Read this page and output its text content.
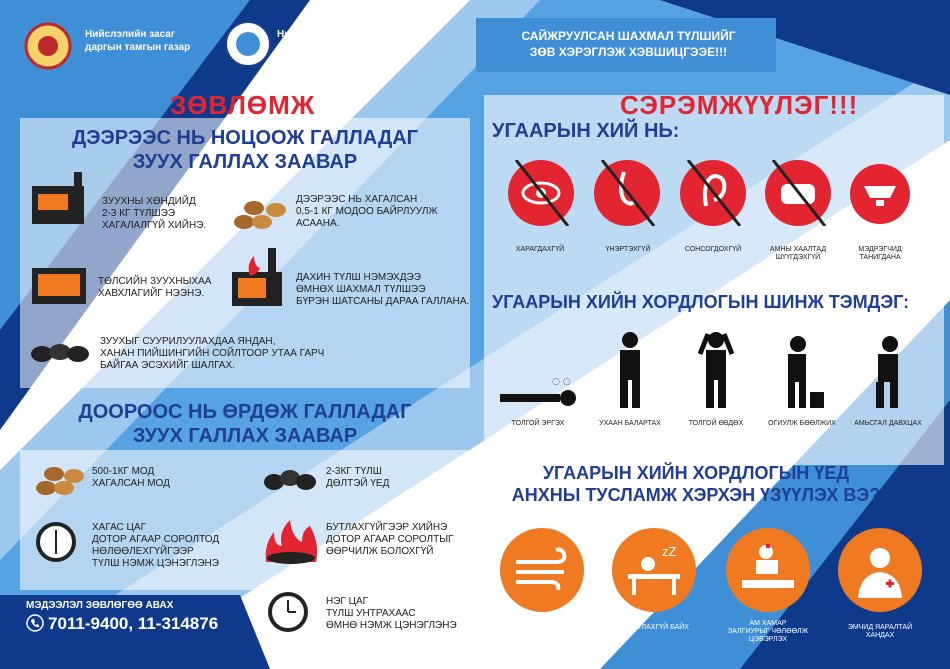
Нийслэлийн засаг
даргын тамгын газар
Нийслэлийн Агаарын
бохирдолтой тэмцэх газар
САЙЖРУУЛСАН ШАХМАЛ ТҮЛШИЙГ
ЗӨВ ХЭРЭГЛЭЖ ХЭВШИЦГЭЭЕ!!!
ЗӨВЛӨМЖ
ДЭЭРЭЭС НЬ НОЦООЖ ГАЛЛАДАГ
ЗУУХ ГАЛЛАХ ЗААВАР
ЗУУХНЫ ХӨНДИЙД
2-3 КГ ТҮЛШЭЭ
ХАГАЛАЛГҮЙ ХИЙНЭ.
ДЭЭРЭЭС НЬ ХАГАЛСАН
0,5-1 КГ МОДОО БАЙРЛУУЛЖ
АСААНА.
ТӨЛСИЙН ЗУУХНЫХАА
ХАВХЛАГИЙГ НЭЭНЭ.
ДАХИН ТҮЛШ НЭМЭХДЭЭ
ӨМНӨХ ШАХМАЛ ТҮЛШЭЭ
БҮРЭН ШАТСАНЫ ДАРАА ГАЛЛАНА.
ЗУУХЫГ СУУРИЛУУЛАХДАА ЯНДАН,
ХАНАН ПИЙШИНГИЙН СОЙЛТООР УТАА ГАРЧ
БАЙГАА ЭСЭХИЙГ ШАЛГАХ.
ДООРООС НЬ ӨРДӨЖ ГАЛЛАДАГ
ЗУУХ ГАЛЛАХ ЗААВАР
500-1КГ МОД
ХАГАЛСАН МОД
2-3КГ ТҮЛШ
ДӨЛТЭЙ ҮЕД
ХАГАС ЦАГ
ДОТОР АГААР СОРОЛТОД
НӨЛӨӨЛЕХГҮЙГЭЭР
ТҮЛШ НЭМЖ ЦЭНЭГЛЭНЭ
БУТЛАХГҮЙГЭЭР ХИЙНЭ
ДОТОР АГААР СОРОЛТЫГ
ӨӨРЧИЛЖ БОЛОХГҮЙ
НЭГ ЦАГ
ТҮЛШ УНТРАХААС
ӨМНӨ НЭМЖ ЦЭНЭГЛЭНЭ
МЭДЭЭЛЭЛ ЗӨВЛӨГӨӨ АВАХ
7011-9400, 11-314876
СЭРЭМЖҮҮЛЭГ!!!
УГААРЫН ХИЙ НЬ:
ХАРАГДАХГҮЙ	ҮНЭРТЭХГҮЙ	СОНСОГДОХГҮЙ	АМНЫ ХААЛТАД
ШҮҮГДЭХГҮЙ
МЭДРЭГЧИД
ТАНИГДАНА
УГААРЫН ХИЙН ХОРДЛОГЫН ШИНЖ ТЭМДЭГ:
◌ ◌
ТОЛГОЙ ЭРГЭХ	УХААН БАЛАРТАХ	ТОЛГОЙ ӨВДӨХ	ОГИУЛЖ БӨӨЛЖИХ	АМЬСГАЛ ДАВХЦАХ
УГААРЫН ХИЙН ХОРДЛОГЫН ҮЕД
АНХНЫ ТУСЛАМЖ ХЭРХЭН ҮЗҮҮЛЭХ ВЭ?
zZ
УГААРТАЙ ОРЧНООС
АГААРТ ГАРГАХ
УНТУУЛАХГҮЙ БАЙХ
АМ ХАМАР
ЗАЛГИУРЫГ ЧӨЛӨӨЛЖ
ЦЭВЭРЛЭХ
ЭМЧИД ЯАРАЛТАЙ
ХАНДАХ
